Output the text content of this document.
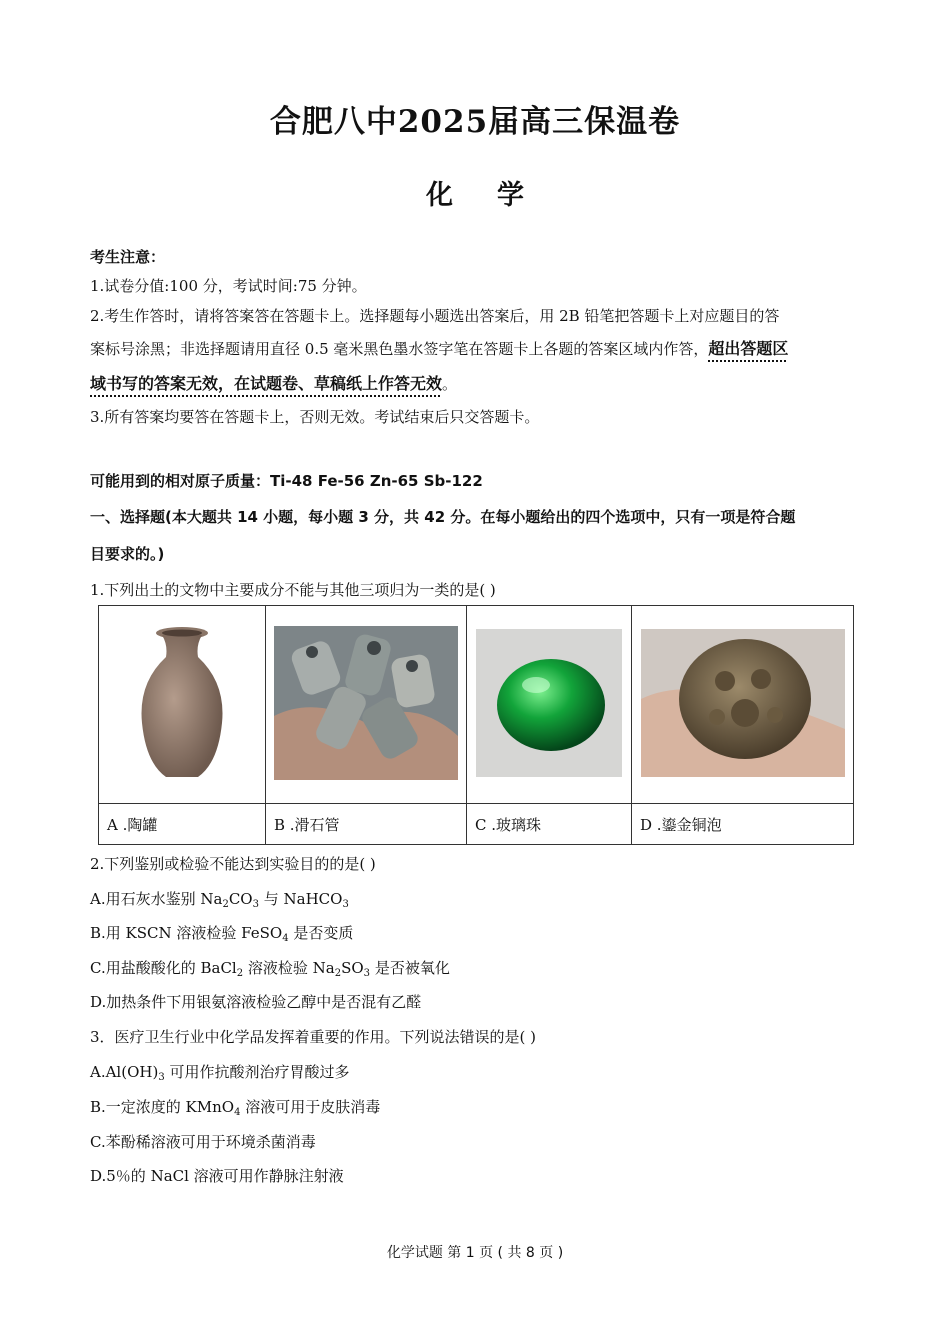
合肥八中2025届高三保温卷
化学
考生注意：
1.试卷分值:100 分，考试时间:75 分钟。
2.考生作答时，请将答案答在答题卡上。选择题每小题选出答案后，用 2B 铅笔把答题卡上对应题目的答
案标号涂黑；非选择题请用直径 0.5 毫米黑色墨水签字笔在答题卡上各题的答案区域内作答，超出答题区
域书写的答案无效，在试题卷、草稿纸上作答无效。
3.所有答案均要答在答题卡上，否则无效。考试结束后只交答题卡。
可能用到的相对原子质量：Ti-48 Fe-56 Zn-65 Sb-122
一、选择题(本大题共 14 小题，每小题 3 分，共 42 分。在每小题给出的四个选项中，只有一项是符合题
目要求的。)
1.下列出土的文物中主要成分不能与其他三项归为一类的是( )

A .陶罐	B .滑石管	C .玻璃珠	D .鎏金铜泡
2.下列鉴别或检验不能达到实验目的的是( )
A.用石灰水鉴别 $Na_2CO_3$ 与 NaHCO$_3$
B.用 KSCN 溶液检验 FeSO$_4$ 是否变质
C.用盐酸酸化的 BaCl$_2$ 溶液检验 $Na_2SO_3$ 是否被氧化
D.加热条件下用银氨溶液检验乙醇中是否混有乙醛
3．医疗卫生行业中化学品发挥着重要的作用。下列说法错误的是( )
$A.Al(OH)_3$ 可用作抗酸剂治疗胃酸过多
B.一定浓度的 KMnO$_4$ 溶液可用于皮肤消毒
C.苯酚稀溶液可用于环境杀菌消毒
D.5％的 NaCl 溶液可用作静脉注射液
化学试题 第 1 页 ( 共 8 页 )
